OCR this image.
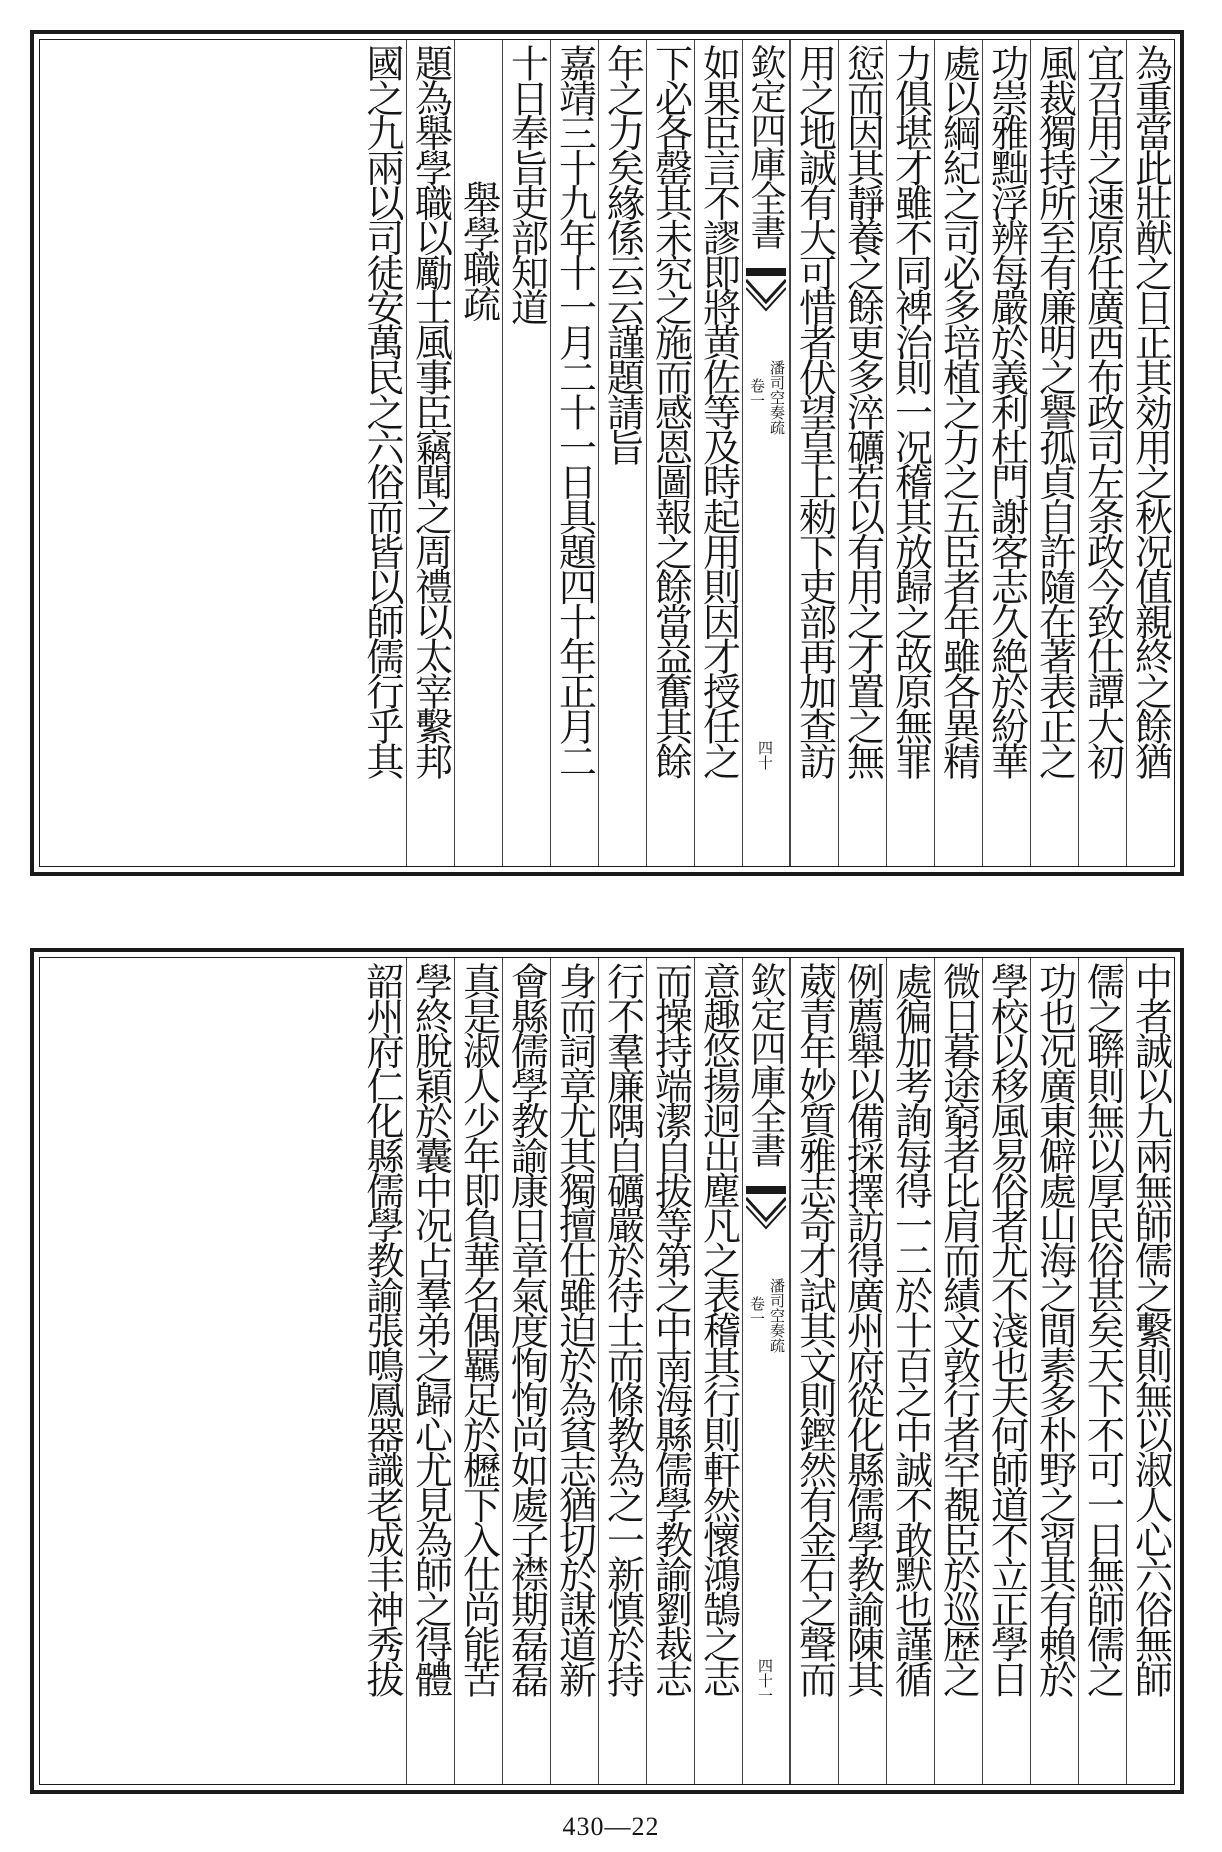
為重當此壯猷之日正其効用之秋况值親終之餘猶
宜召用之速原任廣西布政司左条政今致仕譚大初
風裁獨持所至有廉明之譽孤貞自許隨在著表正之
功崇雅黜浮辨每嚴於義利杜門謝客志久絶於紛華
處以綱紀之司必多培植之力之五臣者年雖各異精
力俱堪才雖不同裨治則一况稽其放歸之故原無罪
愆而因其靜養之餘更多淬礪若以有用之才置之無
用之地誠有大可惜者伏望皇上勑下吏部再加查訪
欽定四庫全書
潘司空奏疏
卷一
四十
如果臣言不謬即將黄佐等及時起用則因才授任之
下必各罄其未究之施而感恩圖報之餘當益奮其餘
年之力矣緣係云云謹題請旨
嘉靖三十九年十一月二十一日具題四十年正月二
十日奉旨吏部知道
舉學職疏
題為舉學職以勵士風事臣竊聞之周禮以太宰繫邦
國之九兩以司徒安萬民之六俗而皆以師儒行乎其
中者誠以九兩無師儒之繫則無以淑人心六俗無師
儒之聨則無以厚民俗甚矣天下不可一日無師儒之
功也况廣東僻處山海之間素多朴野之習其有賴於
學校以移風易俗者尤不淺也夫何師道不立正學日
微日暮途窮者比肩而績文敦行者罕覩臣於巡歴之
處徧加考詢每得一二於十百之中誠不敢默也謹循
例薦舉以備採擇訪得廣州府從化縣儒學教諭陳其
葳青年妙質雅志奇才試其文則鏗然有金石之聲而
欽定四庫全書
潘司空奏疏
卷一
四十一
意趣悠揚迥出塵凡之表稽其行則軒然懷鴻鵠之志
而操持端潔自拔等第之中南海縣儒學教諭劉裁志
行不羣廉隅自礪嚴於待士而條教為之一新慎於持
身而詞章尤其獨擅仕雖迫於為貧志猶切於謀道新
會縣儒學教諭康日章氣度恂恂尚如處子襟期磊磊
真是淑人少年即負華名偶羈足於櫪下入仕尚能苦
學終脫穎於囊中况占羣弟之歸心尤見為師之得體
韶州府仁化縣儒學教諭張鳴鳳器識老成丰神秀拔
430—22
